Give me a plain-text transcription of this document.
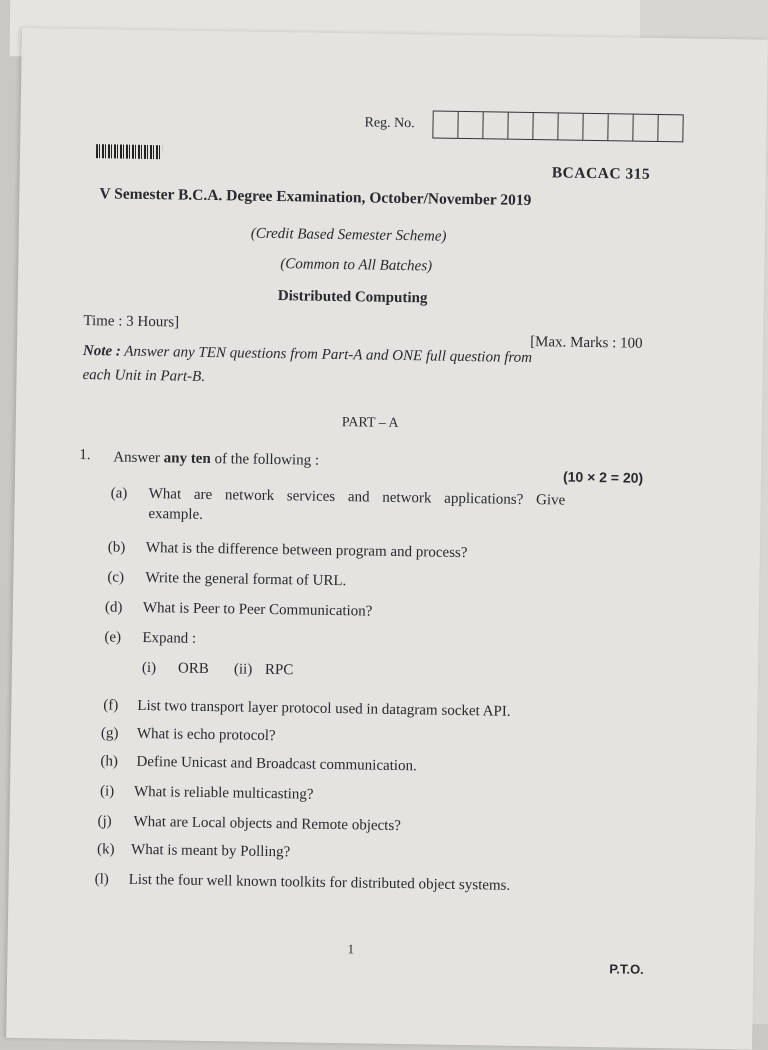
Reg. No.
BCACAC 315
V Semester B.C.A. Degree Examination, October/November 2019
(Credit Based Semester Scheme)
(Common to All Batches)
Distributed Computing
Time : 3 Hours]
[Max. Marks : 100
Note : Answer any TEN questions from Part-A and ONE full question from
each Unit in Part-B.
PART – A
1. Answer any ten of the following :
(10 × 2 = 20)
(a) What are network services and network applications? Give
example.
(b) What is the difference between program and process?
(c) Write the general format of URL.
(d) What is Peer to Peer Communication?
(e) Expand :
(i) ORB (ii) RPC
(f) List two transport layer protocol used in datagram socket API.
(g) What is echo protocol?
(h) Define Unicast and Broadcast communication.
(i) What is reliable multicasting?
(j) What are Local objects and Remote objects?
(k) What is meant by Polling?
(l) List the four well known toolkits for distributed object systems.
1
P.T.O.
